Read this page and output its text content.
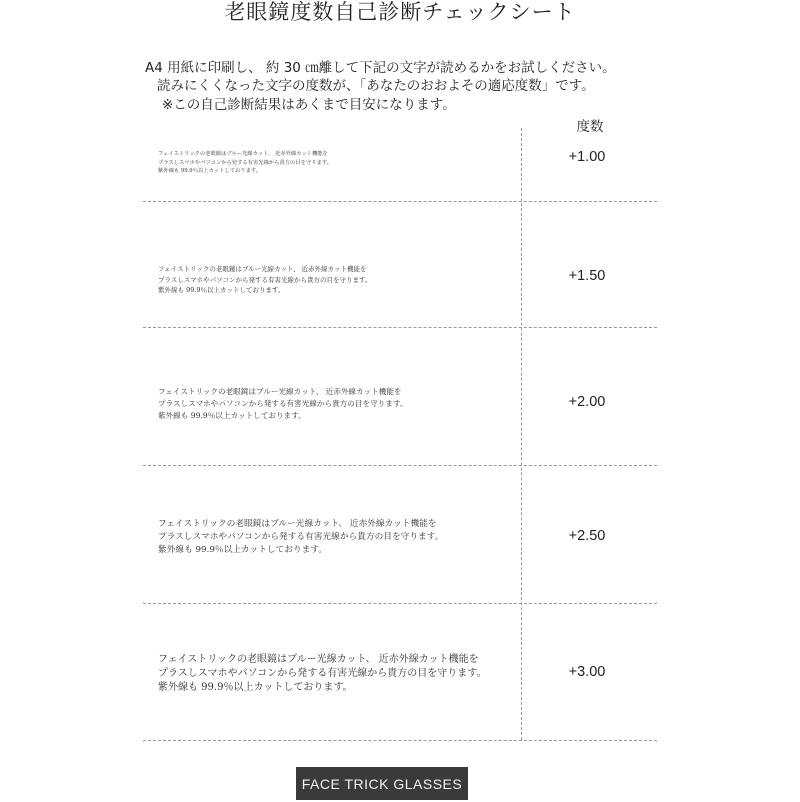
老眼鏡度数自己診断チェックシート
A4 用紙に印刷し、 約 30 ㎝離して下記の文字が読めるかをお試しください。
読みにくくなった文字の度数が、「あなたのおおよその適応度数」です。
※この自己診断結果はあくまで目安になります。
度数
フェイストリックの老眼鏡はブルー光線カット、 近赤外線カット機能を
プラスしスマホやパソコンから発する有害光線から貴方の目を守ります。
紫外線も 99.9％以上カットしております。
+1.00
フェイストリックの老眼鏡はブルー光線カット、 近赤外線カット機能を
プラスしスマホやパソコンから発する有害光線から貴方の目を守ります。
紫外線も 99.9％以上カットしております。
+1.50
フェイストリックの老眼鏡はブルー光線カット、 近赤外線カット機能を
プラスしスマホやパソコンから発する有害光線から貴方の目を守ります。
紫外線も 99.9％以上カットしております。
+2.00
フェイストリックの老眼鏡はブルー光線カット、 近赤外線カット機能を
プラスしスマホやパソコンから発する有害光線から貴方の目を守ります。
紫外線も 99.9％以上カットしております。
+2.50
フェイストリックの老眼鏡はブルー光線カット、 近赤外線カット機能を
プラスしスマホやパソコンから発する有害光線から貴方の目を守ります。
紫外線も 99.9％以上カットしております。
+3.00
FACE TRICK GLASSES
